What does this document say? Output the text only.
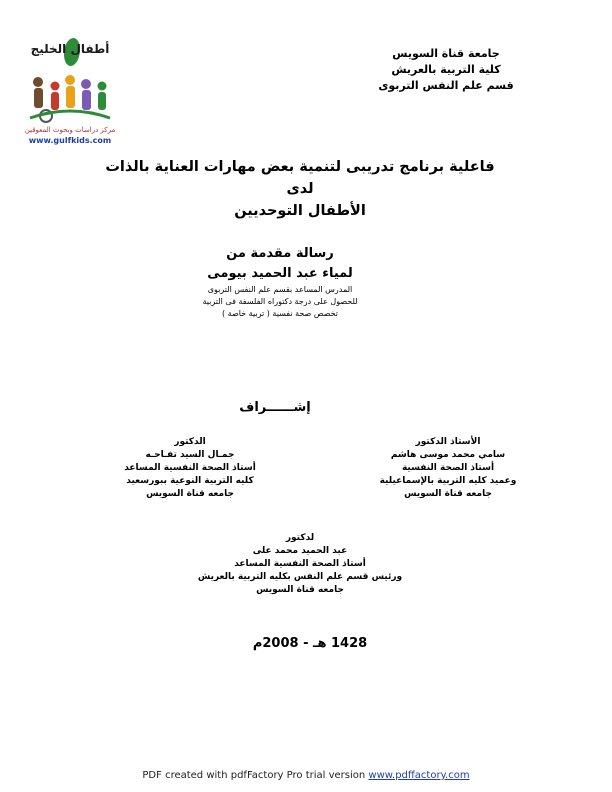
أطفال الخليج
مركز دراسات وبحوث المعوقين
www.gulfkids.com
جامعة قناة السويس
كلية التربية بالعريش
قسم علم النفس التربوى
فاعلية برنامج تدريبى لتنمية بعض مهارات العناية بالذات لدى
الأطفال التوحديين
رسالة مقدمة من
لمياء عبد الحميد بيومى
المدرس المساعد بقسم علم النفس التربوى
للحصول على درجة دكتوراه الفلسفة فى التربية
تخصص صحة نفسية ( تربية خاصة )
إشــــــراف
الأستاذ الدكتور
سامي محمد موسى هاشم
أستاذ الصحة النفسية
وعميد كليه التربية بالإسماعيلية
جامعه قناة السويس
الدكتور
جمـال السيد تفـاحـه
أستاذ الصحة النفسية المساعد
كليه التربية النوعية ببورسعيد
جامعه قناة السويس
لدكتور
عبد الحميد محمد على
أستاذ الصحة النفسية المساعد
ورئيس قسم علم النفس بكليه التربية بالعريش
جامعه قناة السويس
1428 هـ - 2008م
PDF created with pdfFactory Pro trial version www.pdffactory.com
